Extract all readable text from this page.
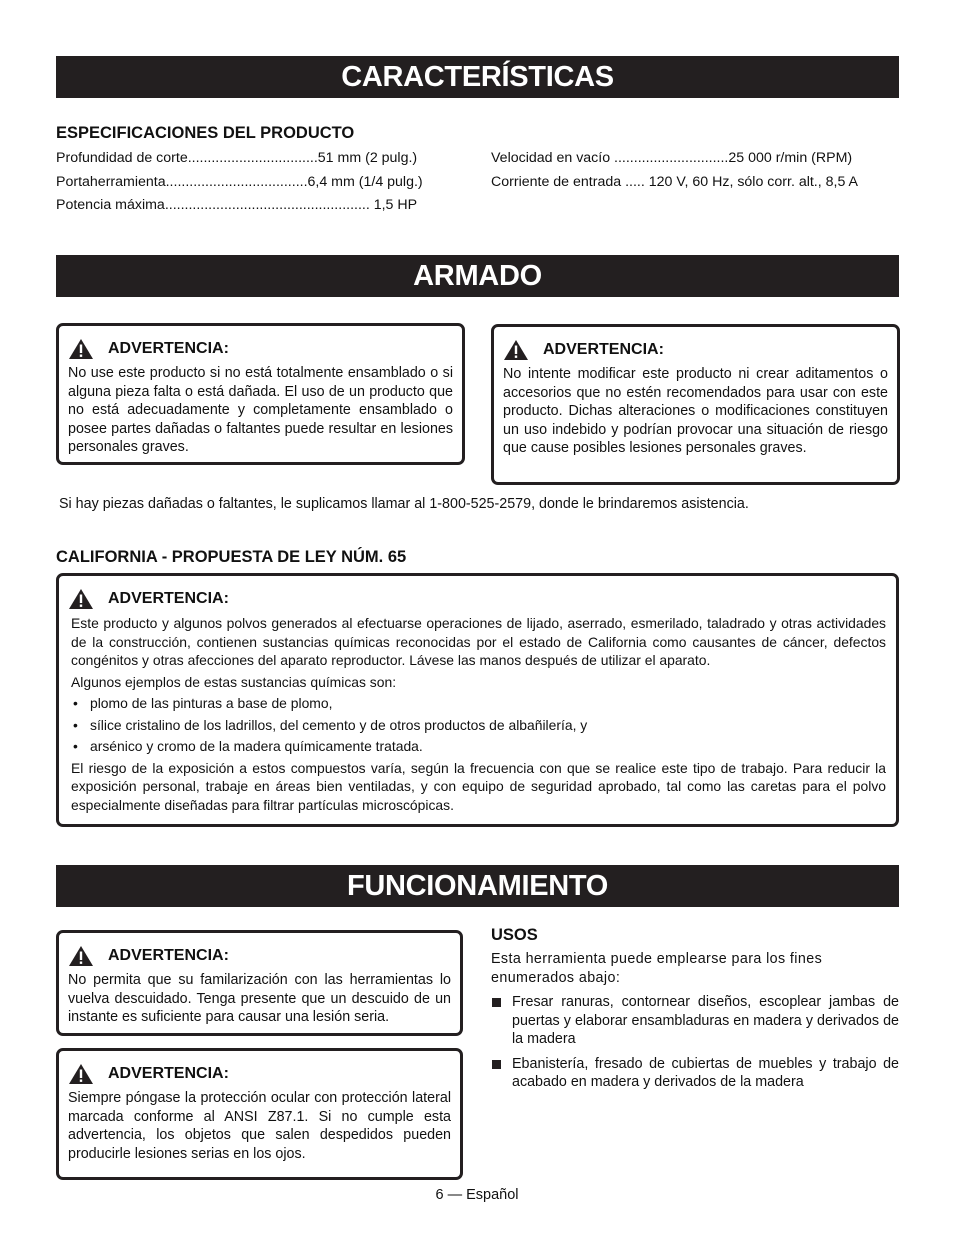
CARACTERÍSTICAS
ESPECIFICACIONES DEL PRODUCTO
Profundidad de corte.................................51 mm (2 pulg.)
Portaherramienta....................................6,4 mm (1/4 pulg.)
Potencia máxima.................................................... 1,5 HP
Velocidad en vacío .............................25 000 r/min (RPM)
Corriente de entrada ..... 120 V, 60 Hz, sólo corr. alt., 8,5 A
ARMADO
ADVERTENCIA:

No use este producto si no está totalmente ensamblado o si alguna pieza falta o está dañada. El uso de un producto que no está adecuadamente y completamente ensamblado o posee partes dañadas o faltantes puede resultar en lesiones personales graves.

ADVERTENCIA:

No intente modificar este producto ni crear aditamentos o accesorios que no estén recomendados para usar con este producto. Dichas alteraciones o modificaciones constituyen un uso indebido y podrían provocar una situación de riesgo que cause posibles lesiones personales graves.

Si hay piezas dañadas o faltantes, le suplicamos llamar al 1-800-525-2579, donde le brindaremos asistencia.
CALIFORNIA - PROPUESTA DE LEY NÚM. 65
ADVERTENCIA:

Este producto y algunos polvos generados al efectuarse operaciones de lijado, aserrado, esmerilado, taladrado y otras actividades de la construcción, contienen sustancias químicas reconocidas por el estado de California como causantes de cáncer, defectos congénitos y otras afecciones del aparato reproductor. Lávese las manos después de utilizar el aparato.

Algunos ejemplos de estas sustancias químicas son:

• plomo de las pinturas a base de plomo,
• sílice cristalino de los ladrillos, del cemento y de otros productos de albañilería, y
• arsénico y cromo de la madera químicamente tratada.

El riesgo de la exposición a estos compuestos varía, según la frecuencia con que se realice este tipo de trabajo. Para reducir la exposición personal, trabaje en áreas bien ventiladas, y con equipo de seguridad aprobado, tal como las caretas para el polvo especialmente diseñadas para filtrar partículas microscópicas.

FUNCIONAMIENTO
ADVERTENCIA:

No permita que su familarización con las herramientas lo vuelva descuidado. Tenga presente que un descuido de un instante es suficiente para causar una lesión seria.

ADVERTENCIA:

Siempre póngase la protección ocular con protección lateral marcada conforme al ANSI Z87.1. Si no cumple esta advertencia, los objetos que salen despedidos pueden producirle lesiones serias en los ojos.

USOS
Esta herramienta puede emplearse para los fines enumerados abajo:
Fresar ranuras, contornear diseños, escoplear jambas de puertas y elaborar ensambladuras en madera y derivados de la madera
Ebanistería, fresado de cubiertas de muebles y trabajo de acabado en madera y derivados de la madera
6 — Español
